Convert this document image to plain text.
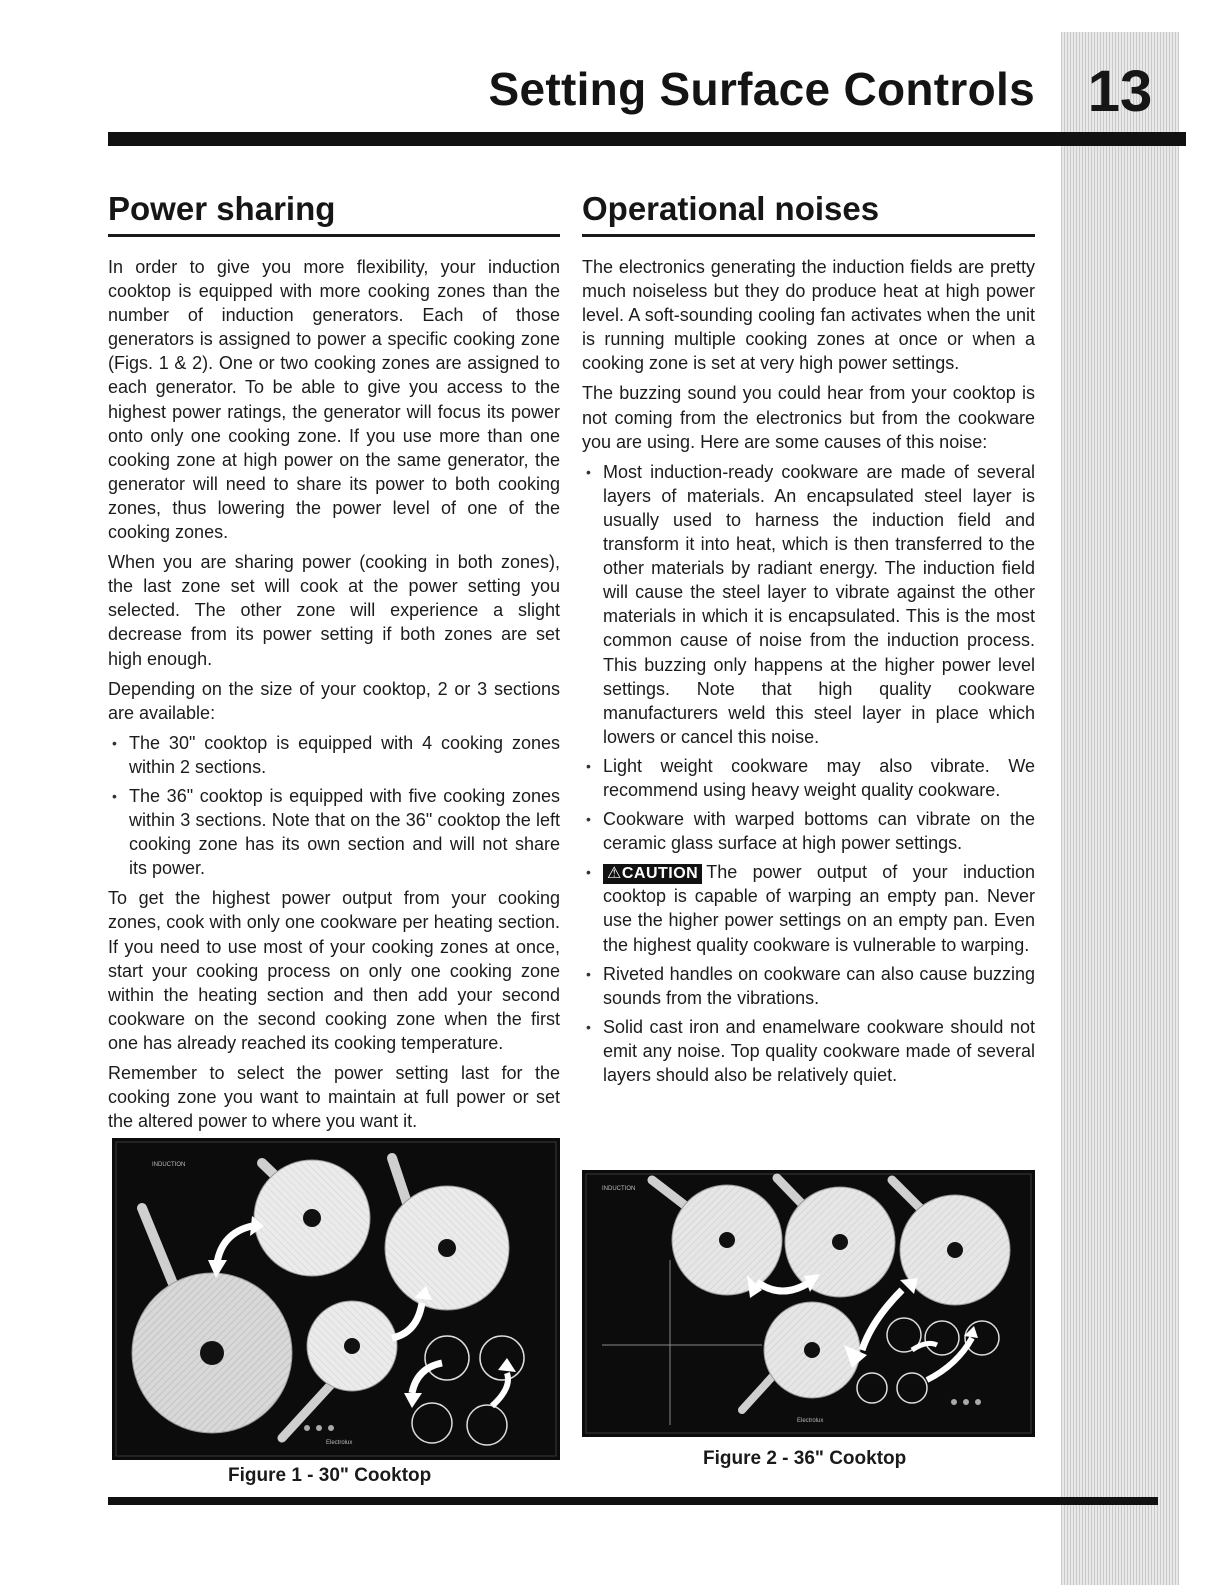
13
Setting Surface Controls
Power sharing

In order to give you more flexibility, your induction cooktop is equipped with more cooking zones than the number of induction generators. Each of those generators is assigned to power a specific cooking zone (Figs. 1 & 2). One or two cooking zones are assigned to each generator. To be able to give you access to the highest power ratings, the generator will focus its power onto only one cooking zone. If you use more than one cooking zone at high power on the same generator, the generator will need to share its power to both cooking zones, thus lowering the power level of one of the cooking zones.

When you are sharing power (cooking in both zones), the last zone set will cook at the power setting you selected. The other zone will experience a slight decrease from its power setting if both zones are set high enough.

Depending on the size of your cooktop, 2 or 3 sections are available:

• The 30" cooktop is equipped with 4 cooking zones within 2 sections.
• The 36" cooktop is equipped with five cooking zones within 3 sections. Note that on the 36" cooktop the left cooking zone has its own section and will not share its power.

To get the highest power output from your cooking zones, cook with only one cookware per heating section. If you need to use most of your cooking zones at once, start your cooking process on only one cooking zone within the heating section and then add your second cookware on the second cooking zone when the first one has already reached its cooking temperature.

Remember to select the power setting last for the cooking zone you want to maintain at full power or set the altered power to where you want it.

Operational noises

The electronics generating the induction fields are pretty much noiseless but they do produce heat at high power level. A soft-sounding cooling fan activates when the unit is running multiple cooking zones at once or when a cooking zone is set at very high power settings.

The buzzing sound you could hear from your cooktop is not coming from the electronics but from the cookware you are using. Here are some causes of this noise:

• Most induction-ready cookware are made of several layers of materials. An encapsulated steel layer is usually used to harness the induction field and transform it into heat, which is then transferred to the other materials by radiant energy. The induction field will cause the steel layer to vibrate against the other materials in which it is encapsulated. This is the most common cause of noise from the induction process. This buzzing only happens at the higher power level settings. Note that high quality cookware manufacturers weld this steel layer in place which lowers or cancel this noise.
• Light weight cookware may also vibrate. We recommend using heavy weight quality cookware.
• Cookware with warped bottoms can vibrate on the ceramic glass surface at high power settings.
• ⚠CAUTION The power output of your induction cooktop is capable of warping an empty pan. Never use the higher power settings on an empty pan. Even the highest quality cookware is vulnerable to warping.
• Riveted handles on cookware can also cause buzzing sounds from the vibrations.
• Solid cast iron and enamelware cookware should not emit any noise. Top quality cookware made of several layers should also be relatively quiet.
INDUCTION
Electrolux
Figure 1 - 30" Cooktop
INDUCTION
Electrolux
Figure 2 - 36" Cooktop
